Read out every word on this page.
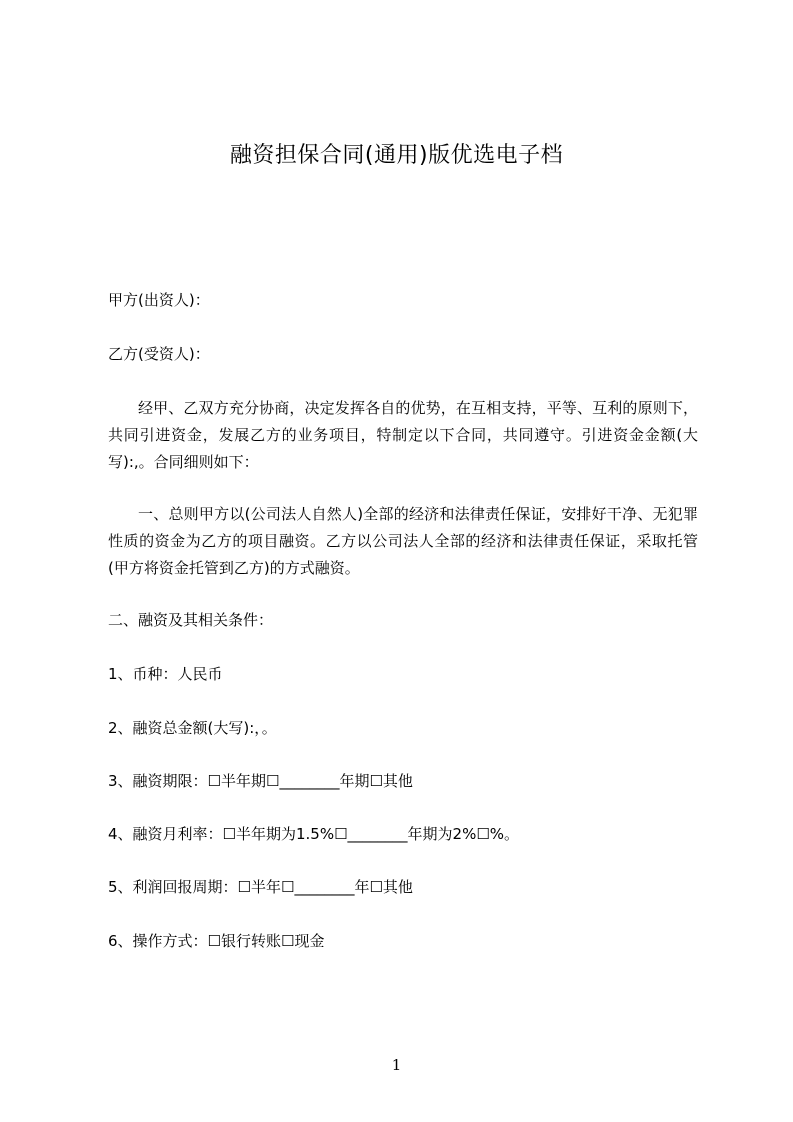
融资担保合同(通用)版优选电子档

甲方(出资人)：

乙方(受资人)：

经甲、乙双方充分协商，决定发挥各自的优势，在互相支持，平等、互利的原则下，共同引进资金，发展乙方的业务项目，特制定以下合同，共同遵守。引进资金金额(大写):,。合同细则如下：

一、总则甲方以(公司法人自然人)全部的经济和法律责任保证，安排好干净、无犯罪性质的资金为乙方的项目融资。乙方以公司法人全部的经济和法律责任保证，采取托管(甲方将资金托管到乙方)的方式融资。

二、融资及其相关条件：

1、币种：人民币

2、融资总金额(大写):，。

3、融资期限：☐半年期☐________年期☐其他

4、融资月利率：☐半年期为1.5%☐________年期为2%☐%。

5、利润回报周期：☐半年☐________年☐其他

6、操作方式：☐银行转账☐现金

1
